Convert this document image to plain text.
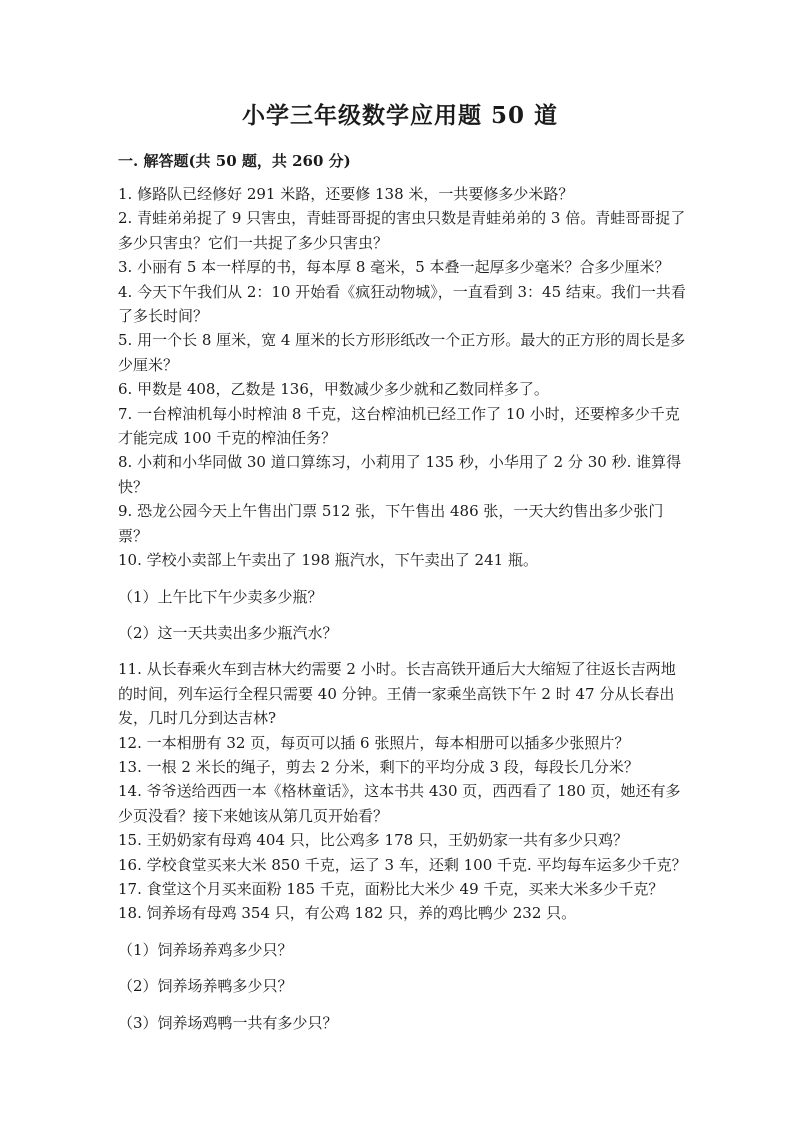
小学三年级数学应用题 50 道
一. 解答题(共 50 题，共 260 分)

1. 修路队已经修好 291 米路，还要修 138 米，一共要修多少米路？

2. 青蛙弟弟捉了 9 只害虫，青蛙哥哥捉的害虫只数是青蛙弟弟的 3 倍。青蛙哥哥捉了多少只害虫？它们一共捉了多少只害虫？

3. 小丽有 5 本一样厚的书，每本厚 8 毫米，5 本叠一起厚多少毫米？合多少厘米？

4. 今天下午我们从 2：10 开始看《疯狂动物城》，一直看到 3：45 结束。我们一共看了多长时间？

5. 用一个长 8 厘米，宽 4 厘米的长方形形纸改一个正方形。最大的正方形的周长是多少厘米？

6. 甲数是 408，乙数是 136，甲数减少多少就和乙数同样多了。

7. 一台榨油机每小时榨油 8 千克，这台榨油机已经工作了 10 小时，还要榨多少千克才能完成 100 千克的榨油任务？

8. 小莉和小华同做 30 道口算练习，小莉用了 135 秒，小华用了 2 分 30 秒. 谁算得快？

9. 恐龙公园今天上午售出门票 512 张，下午售出 486 张，一天大约售出多少张门票？

10. 学校小卖部上午卖出了 198 瓶汽水，下午卖出了 241 瓶。

（1）上午比下午少卖多少瓶？

（2）这一天共卖出多少瓶汽水？

11. 从长春乘火车到吉林大约需要 2 小时。长吉高铁开通后大大缩短了往返长吉两地的时间，列车运行全程只需要 40 分钟。王倩一家乘坐高铁下午 2 时 47 分从长春出发，几时几分到达吉林?

12. 一本相册有 32 页，每页可以插 6 张照片，每本相册可以插多少张照片？

13. 一根 2 米长的绳子，剪去 2 分米，剩下的平均分成 3 段，每段长几分米？

14. 爷爷送给西西一本《格林童话》，这本书共 430 页，西西看了 180 页，她还有多少页没看？接下来她该从第几页开始看？

15. 王奶奶家有母鸡 404 只，比公鸡多 178 只，王奶奶家一共有多少只鸡？

16. 学校食堂买来大米 850 千克，运了 3 车，还剩 100 千克. 平均每车运多少千克？

17. 食堂这个月买来面粉 185 千克，面粉比大米少 49 千克，买来大米多少千克？

18. 饲养场有母鸡 354 只，有公鸡 182 只，养的鸡比鸭少 232 只。

（1）饲养场养鸡多少只？

（2）饲养场养鸭多少只？

（3）饲养场鸡鸭一共有多少只？
